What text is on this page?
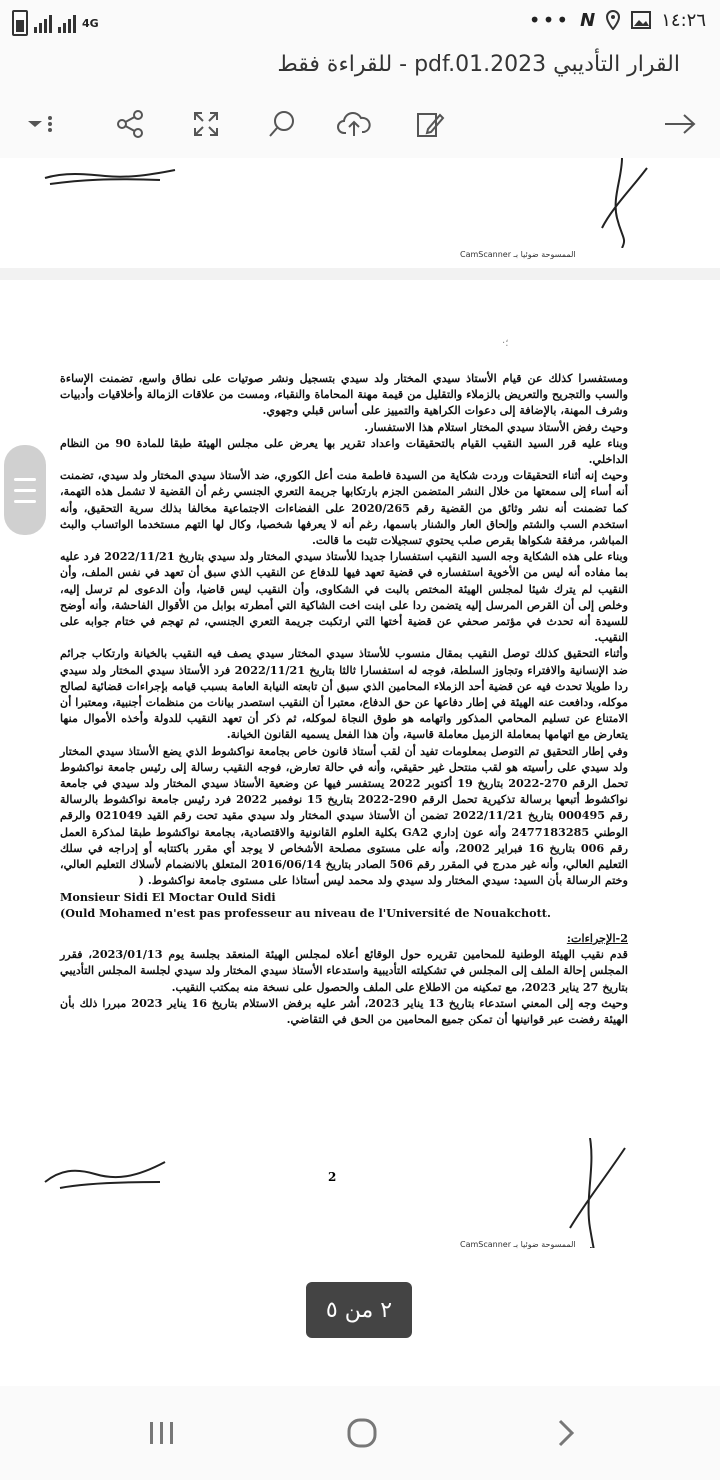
4G	••• N	١٤:٢٦
القرار التأديبي pdf.01.2023 - للقراءة فقط
الممسوحة ضوئيا بـ CamScanner
·؛

ومستفسرا كذلك عن قيام الأستاذ سيدي المختار ولد سيدي بتسجيل ونشر صوتيات على نطاق واسع، تضمنت الإساءة والسب والتجريح والتعريض بالزملاء والتقليل من قيمة مهنة المحاماة والنقباء، ومست من علاقات الزمالة وأخلاقيات وأدبيات وشرف المهنة، بالإضافة إلى دعوات الكراهية والتمييز على أساس قبلي وجهوي.

وحيث رفض الأستاذ سيدي المختار استلام هذا الاستفسار.

وبناء عليه قرر السيد النقيب القيام بالتحقيقات واعداد تقرير بها يعرض على مجلس الهيئة طبقا للمادة 90 من النظام الداخلي.

وحيث إنه أثناء التحقيقات وردت شكاية من السيدة فاطمة منت أعل الكوري، ضد الأستاذ سيدي المختار ولد سيدي، تضمنت أنه أساء إلى سمعتها من خلال النشر المتضمن الجزم بارتكابها جريمة التعري الجنسي رغم أن القضية لا تشمل هذه التهمة، كما تضمنت أنه نشر وثائق من القضية رقم 2020/265 على الفضاءات الاجتماعية مخالفا بذلك سرية التحقيق، وأنه استخدم السب والشتم وإلحاق العار والشنار باسمها، رغم أنه لا يعرفها شخصيا، وكال لها التهم مستخدما الواتساب والبث المباشر، مرفقة شكواها بقرص صلب يحتوي تسجيلات تثبت ما قالت.

وبناء على هذه الشكاية وجه السيد النقيب استفسارا جديدا للأستاذ سيدي المختار ولد سيدي بتاريخ 2022/11/21 فرد عليه بما مفاده أنه ليس من الأخوية استفساره في قضية تعهد فيها للدفاع عن النقيب الذي سبق أن تعهد في نفس الملف، وأن النقيب لم يترك شيئا لمجلس الهيئة المختص بالبت في الشكاوى، وأن النقيب ليس قاضيا، وأن الدعوى لم ترسل إليه، وخلص إلى أن القرص المرسل إليه يتضمن ردا على ابنت اخت الشاكية التي أمطرته بوابل من الأقوال الفاحشة، وأنه أوضح للسيدة أنه تحدث في مؤتمر صحفي عن قضية أختها التي ارتكبت جريمة التعري الجنسي، ثم تهجم في ختام جوابه على النقيب.

وأثناء التحقيق كذلك توصل النقيب بمقال منسوب للأستاذ سيدي المختار سيدي يصف فيه النقيب بالخيانة وارتكاب جرائم ضد الإنسانية والافتراء وتجاوز السلطة، فوجه له استفسارا ثالثا بتاريخ 2022/11/21 فرد الأستاذ سيدي المختار ولد سيدي ردا طويلا تحدث فيه عن قضية أحد الزملاء المحامين الذي سبق أن تابعته النيابة العامة بسبب قيامه بإجراءات قضائية لصالح موكله، ودافعت عنه الهيئة في إطار دفاعها عن حق الدفاع، معتبرا أن النقيب استصدر بيانات من منظمات أجنبية، ومعتبرا أن الامتناع عن تسليم المحامي المذكور واتهامه هو طوق النجاة لموكله، ثم ذكر أن تعهد النقيب للدولة وأخذه الأموال منها يتعارض مع اتهامها بمعاملة الزميل معاملة قاسية، وأن هذا الفعل يسميه القانون الخيانة.

وفي إطار التحقيق تم التوصل بمعلومات تفيد أن لقب أستاذ قانون خاص بجامعة نواكشوط الذي يضع الأستاذ سيدي المختار ولد سيدي على رأسيته هو لقب منتحل غير حقيقي، وأنه في حالة تعارض، فوجه النقيب رسالة إلى رئيس جامعة نواكشوط تحمل الرقم 270-2022 بتاريخ 19 أكتوبر 2022 يستفسر فيها عن وضعية الأستاذ سيدي المختار ولد سيدي في جامعة نواكشوط أتبعها برسالة تذكيرية تحمل الرقم 290-2022 بتاريخ 15 نوفمبر 2022 فرد رئيس جامعة نواكشوط بالرسالة رقم 000495 بتاريخ 2022/11/21 تضمن أن الأستاذ سيدي المختار ولد سيدي مقيد تحت رقم القيد 021049 والرقم الوطني 2477183285 وأنه عون إداري GA2 بكلية العلوم القانونية والاقتصادية، بجامعة نواكشوط طبقا لمذكرة العمل رقم 006 بتاريخ 16 فبراير 2002، وأنه على مستوى مصلحة الأشخاص لا يوجد أي مقرر باكتتابه أو إدراجه في سلك التعليم العالي، وأنه غير مدرج في المقرر رقم 506 الصادر بتاريخ 2016/06/14 المتعلق بالانضمام لأسلاك التعليم العالي، وختم الرسالة بأن السيد: سيدي المختار ولد سيدي ولد محمد ليس أستاذا على مستوى جامعة نواكشوط. (

Monsieur Sidi El Moctar Ould Sidi
(Ould Mohamed n'est pas professeur au niveau de l'Université de Nouakchott.

2-الإجراءات:

قدم نقيب الهيئة الوطنية للمحامين تقريره حول الوقائع أعلاه لمجلس الهيئة المنعقد بجلسة يوم 2023/01/13، فقرر المجلس إحالة الملف إلى المجلس في تشكيلته التأديبية واستدعاء الأستاذ سيدي المختار ولد سيدي لجلسة المجلس التأديبي بتاريخ 27 يناير 2023، مع تمكينه من الاطلاع على الملف والحصول على نسخة منه بمكتب النقيب.

وحيث وجه إلى المعني استدعاء بتاريخ 13 يناير 2023، أشر عليه برفض الاستلام بتاريخ 16 يناير 2023 مبررا ذلك بأن الهيئة رفضت عبر قوانينها أن تمكن جميع المحامين من الحق في التقاضي.

2
الممسوحة ضوئيا بـ CamScanner
٢ من ٥
